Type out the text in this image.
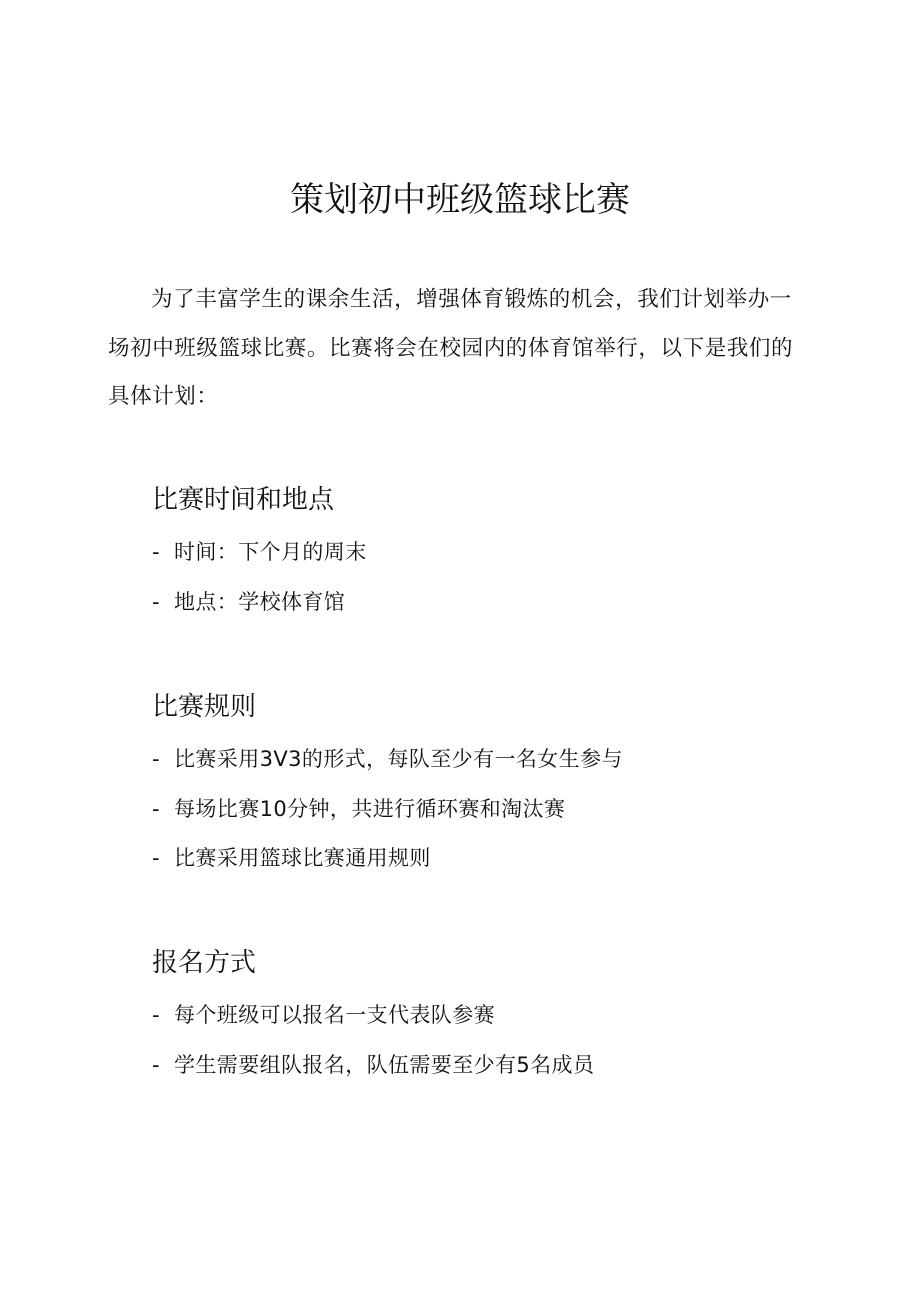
策划初中班级篮球比赛

为了丰富学生的课余生活，增强体育锻炼的机会，我们计划举办一场初中班级篮球比赛。比赛将会在校园内的体育馆举行，以下是我们的具体计划：

比赛时间和地点

- 时间：下个月的周末

- 地点：学校体育馆

比赛规则

- 比赛采用3V3的形式，每队至少有一名女生参与

- 每场比赛10分钟，共进行循环赛和淘汰赛

- 比赛采用篮球比赛通用规则

报名方式

- 每个班级可以报名一支代表队参赛

- 学生需要组队报名，队伍需要至少有5名成员
